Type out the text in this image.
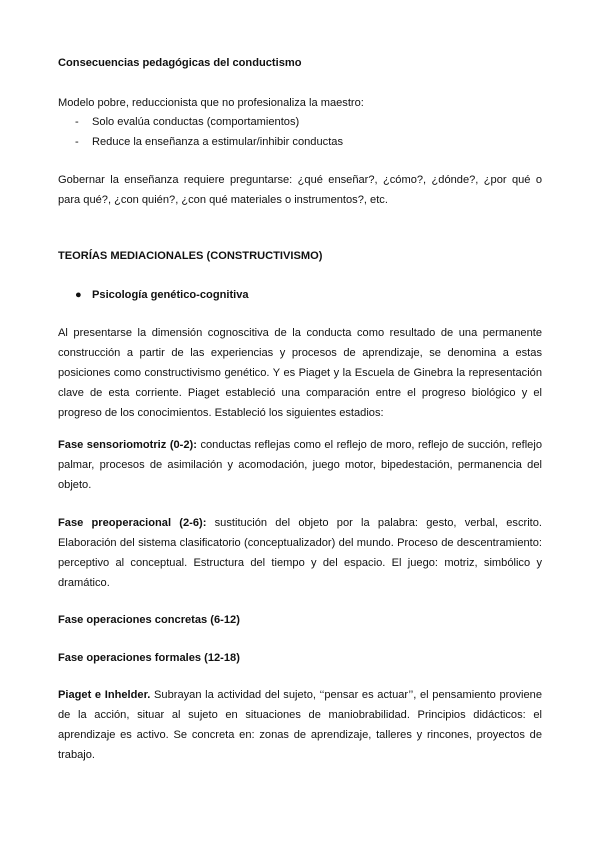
Consecuencias pedagógicas del conductismo

Modelo pobre, reduccionista que no profesionaliza la maestro:

- Solo evalúa conductas (comportamientos)
- Reduce la enseñanza a estimular/inhibir conductas

Gobernar la enseñanza requiere preguntarse: ¿qué enseñar?, ¿cómo?, ¿dónde?, ¿por qué o para qué?, ¿con quién?, ¿con qué materiales o instrumentos?, etc.

TEORÍAS MEDIACIONALES (CONSTRUCTIVISMO)

● Psicología genético-cognitiva

Al presentarse la dimensión cognoscitiva de la conducta como resultado de una permanente construcción a partir de las experiencias y procesos de aprendizaje, se denomina a estas posiciones como constructivismo genético. Y es Piaget y la Escuela de Ginebra la representación clave de esta corriente. Piaget estableció una comparación entre el progreso biológico y el progreso de los conocimientos. Estableció los siguientes estadios:

Fase sensoriomotriz (0-2): conductas reflejas como el reflejo de moro, reflejo de succión, reflejo palmar, procesos de asimilación y acomodación, juego motor, bipedestación, permanencia del objeto.

Fase preoperacional (2-6): sustitución del objeto por la palabra: gesto, verbal, escrito. Elaboración del sistema clasificatorio (conceptualizador) del mundo. Proceso de descentramiento: perceptivo al conceptual. Estructura del tiempo y del espacio. El juego: motriz, simbólico y dramático.

Fase operaciones concretas (6-12)

Fase operaciones formales (12-18)

Piaget e Inhelder. Subrayan la actividad del sujeto, ‘‘pensar es actuar’’, el pensamiento proviene de la acción, situar al sujeto en situaciones de maniobrabilidad. Principios didácticos: el aprendizaje es activo. Se concreta en: zonas de aprendizaje, talleres y rincones, proyectos de trabajo.
